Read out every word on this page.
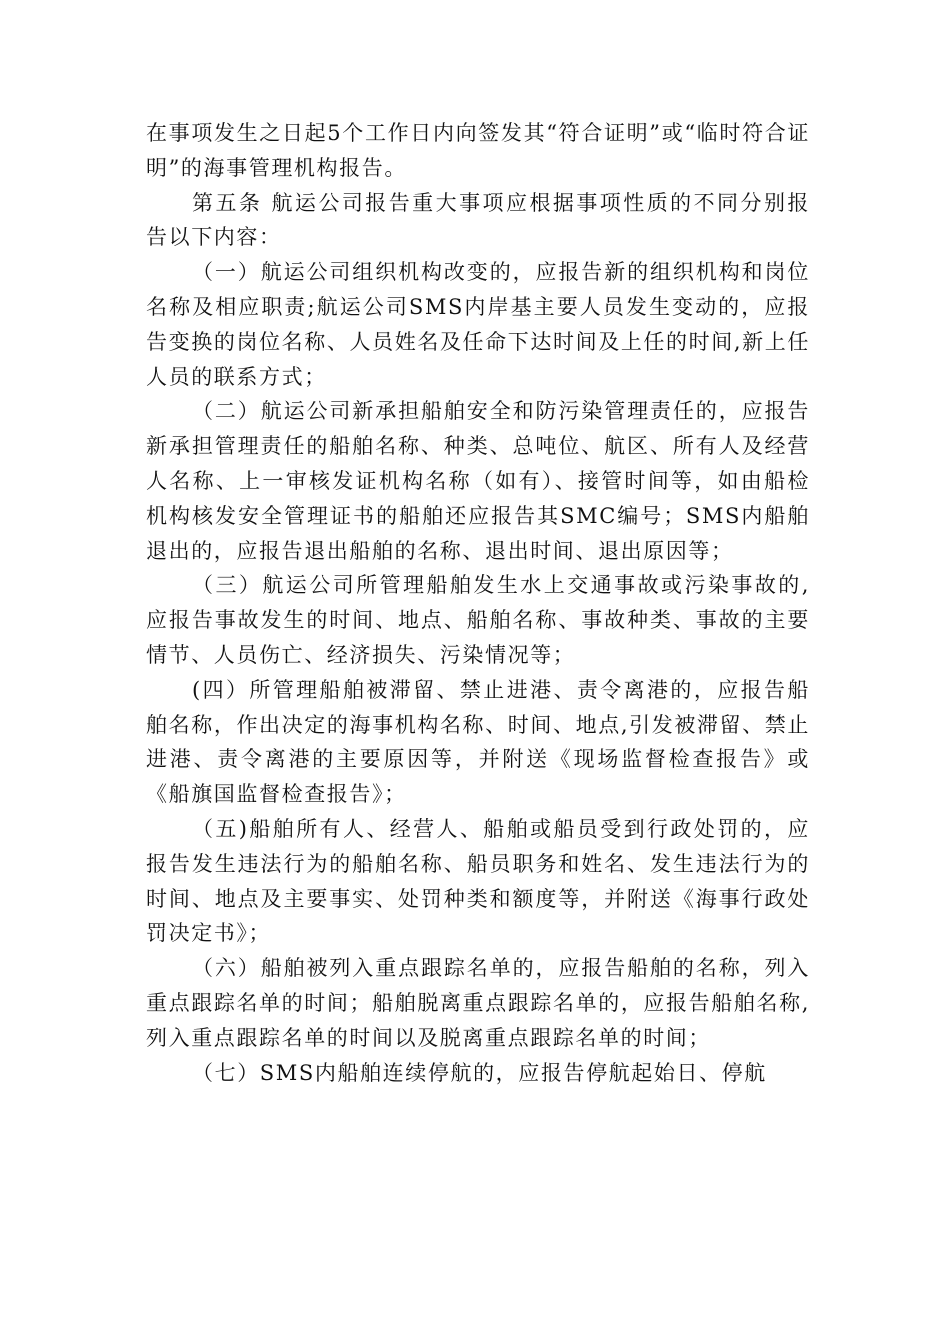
在事项发生之日起5个工作日内向签发其“符合证明”或“临时符合证明”的海事管理机构报告。

第五条 航运公司报告重大事项应根据事项性质的不同分别报告以下内容：

（一）航运公司组织机构改变的，应报告新的组织机构和岗位名称及相应职责;航运公司SMS内岸基主要人员发生变动的，应报告变换的岗位名称、人员姓名及任命下达时间及上任的时间,新上任人员的联系方式；

（二）航运公司新承担船舶安全和防污染管理责任的，应报告新承担管理责任的船舶名称、种类、总吨位、航区、所有人及经营人名称、上一审核发证机构名称（如有）、接管时间等，如由船检机构核发安全管理证书的船舶还应报告其SMC编号；SMS内船舶退出的，应报告退出船舶的名称、退出时间、退出原因等；

（三）航运公司所管理船舶发生水上交通事故或污染事故的,应报告事故发生的时间、地点、船舶名称、事故种类、事故的主要情节、人员伤亡、经济损失、污染情况等；

(四）所管理船舶被滞留、禁止进港、责令离港的，应报告船舶名称，作出决定的海事机构名称、时间、地点,引发被滞留、禁止进港、责令离港的主要原因等，并附送《现场监督检查报告》或《船旗国监督检查报告》；

（五)船舶所有人、经营人、船舶或船员受到行政处罚的，应报告发生违法行为的船舶名称、船员职务和姓名、发生违法行为的时间、地点及主要事实、处罚种类和额度等，并附送《海事行政处罚决定书》；

（六）船舶被列入重点跟踪名单的，应报告船舶的名称，列入重点跟踪名单的时间；船舶脱离重点跟踪名单的，应报告船舶名称,列入重点跟踪名单的时间以及脱离重点跟踪名单的时间；

（七）SMS内船舶连续停航的，应报告停航起始日、停航
